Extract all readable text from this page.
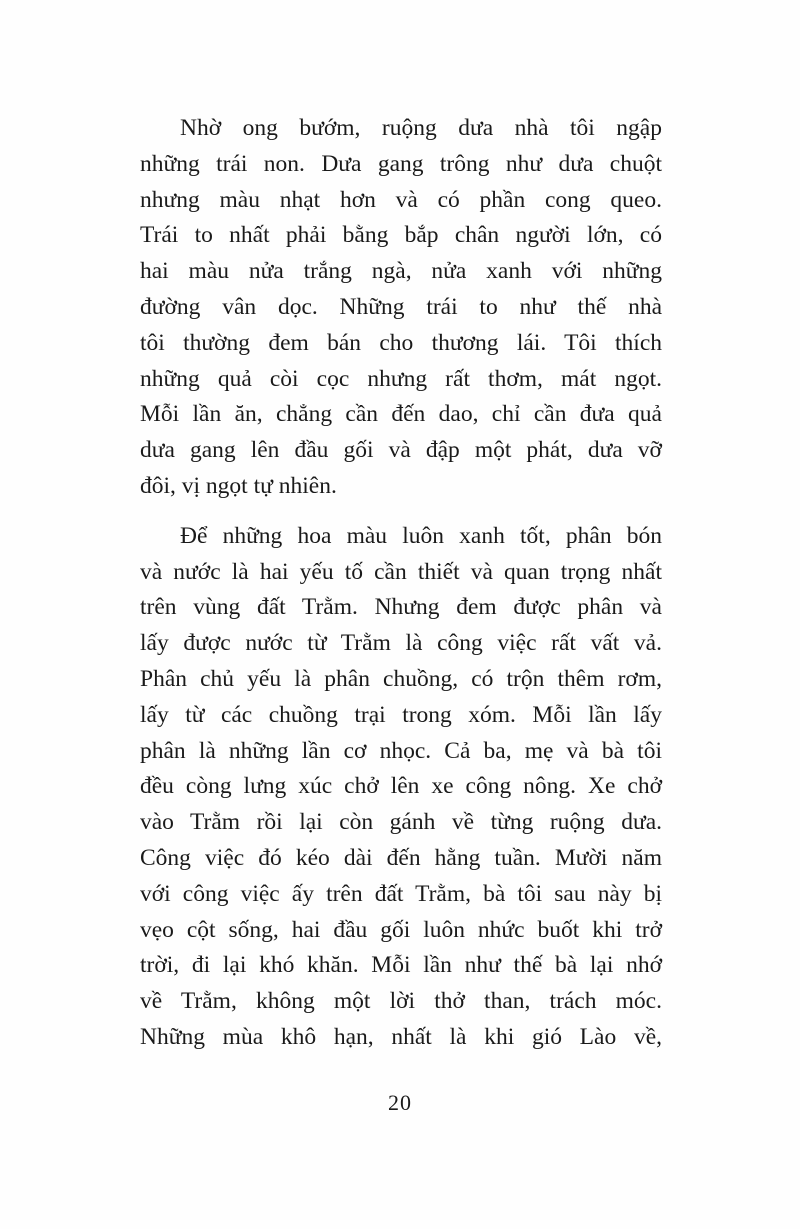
Nhờ ong bướm, ruộng dưa nhà tôi ngập
những trái non. Dưa gang trông như dưa chuột
nhưng màu nhạt hơn và có phần cong queo.
Trái to nhất phải bằng bắp chân người lớn, có
hai màu nửa trắng ngà, nửa xanh với những
đường vân dọc. Những trái to như thế nhà
tôi thường đem bán cho thương lái. Tôi thích
những quả còi cọc nhưng rất thơm, mát ngọt.
Mỗi lần ăn, chẳng cần đến dao, chỉ cần đưa quả
dưa gang lên đầu gối và đập một phát, dưa vỡ
đôi, vị ngọt tự nhiên.
Để những hoa màu luôn xanh tốt, phân bón
và nước là hai yếu tố cần thiết và quan trọng nhất
trên vùng đất Trằm. Nhưng đem được phân và
lấy được nước từ Trằm là công việc rất vất vả.
Phân chủ yếu là phân chuồng, có trộn thêm rơm,
lấy từ các chuồng trại trong xóm. Mỗi lần lấy
phân là những lần cơ nhọc. Cả ba, mẹ và bà tôi
đều còng lưng xúc chở lên xe công nông. Xe chở
vào Trằm rồi lại còn gánh về từng ruộng dưa.
Công việc đó kéo dài đến hằng tuần. Mười năm
với công việc ấy trên đất Trằm, bà tôi sau này bị
vẹo cột sống, hai đầu gối luôn nhức buốt khi trở
trời, đi lại khó khăn. Mỗi lần như thế bà lại nhớ
về Trằm, không một lời thở than, trách móc.
Những mùa khô hạn, nhất là khi gió Lào về,
20
